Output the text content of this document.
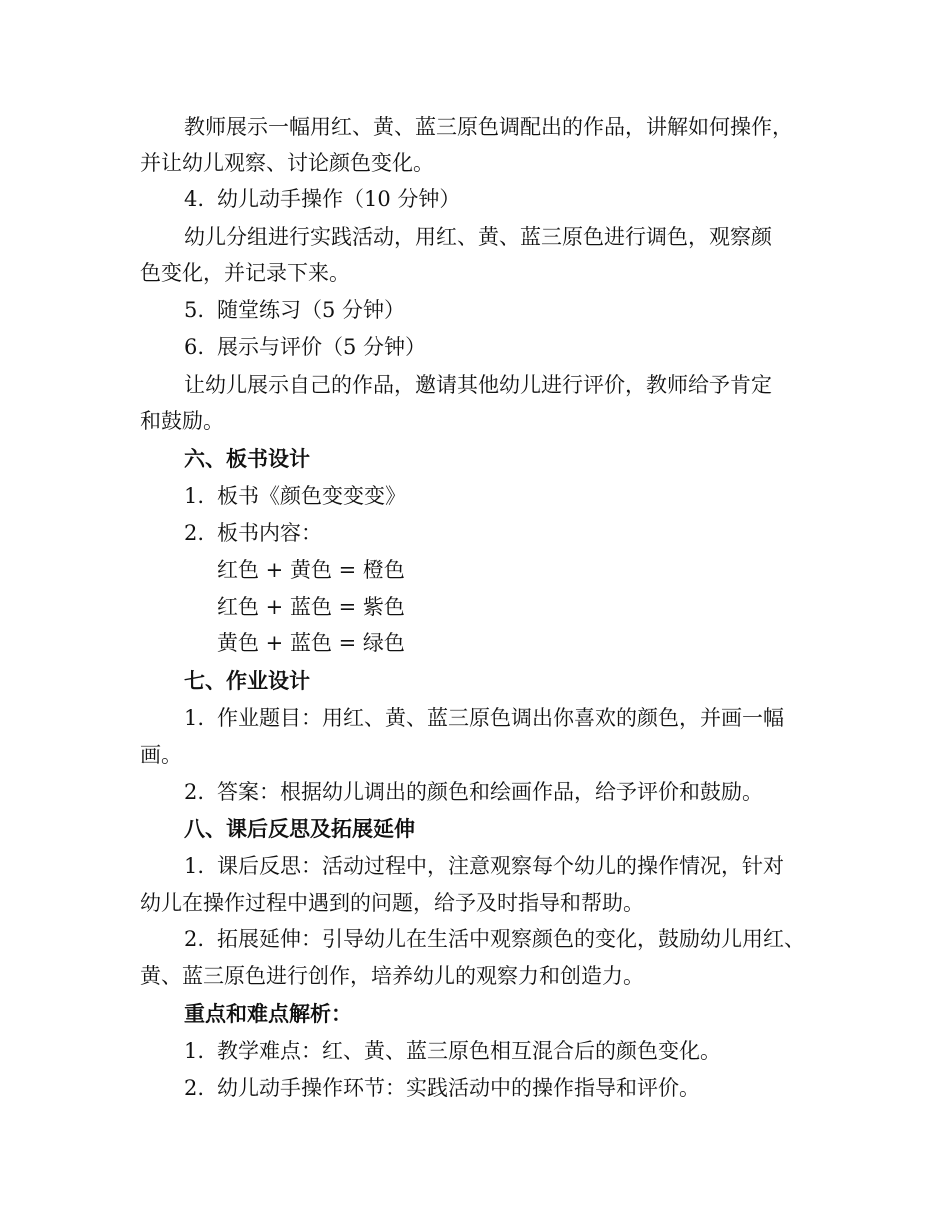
教师展示一幅用红、黄、蓝三原色调配出的作品，讲解如何操作，
并让幼儿观察、讨论颜色变化。
4. 幼儿动手操作（10 分钟）
幼儿分组进行实践活动，用红、黄、蓝三原色进行调色，观察颜
色变化，并记录下来。
5. 随堂练习（5 分钟）
6. 展示与评价（5 分钟）
让幼儿展示自己的作品，邀请其他幼儿进行评价，教师给予肯定
和鼓励。
六、板书设计
1. 板书《颜色变变变》
2. 板书内容：
红色 + 黄色 = 橙色
红色 + 蓝色 = 紫色
黄色 + 蓝色 = 绿色
七、作业设计
1. 作业题目：用红、黄、蓝三原色调出你喜欢的颜色，并画一幅
画。
2. 答案：根据幼儿调出的颜色和绘画作品，给予评价和鼓励。
八、课后反思及拓展延伸
1. 课后反思：活动过程中，注意观察每个幼儿的操作情况，针对
幼儿在操作过程中遇到的问题，给予及时指导和帮助。
2. 拓展延伸：引导幼儿在生活中观察颜色的变化，鼓励幼儿用红、
黄、蓝三原色进行创作，培养幼儿的观察力和创造力。
重点和难点解析：
1. 教学难点：红、黄、蓝三原色相互混合后的颜色变化。
2. 幼儿动手操作环节：实践活动中的操作指导和评价。
